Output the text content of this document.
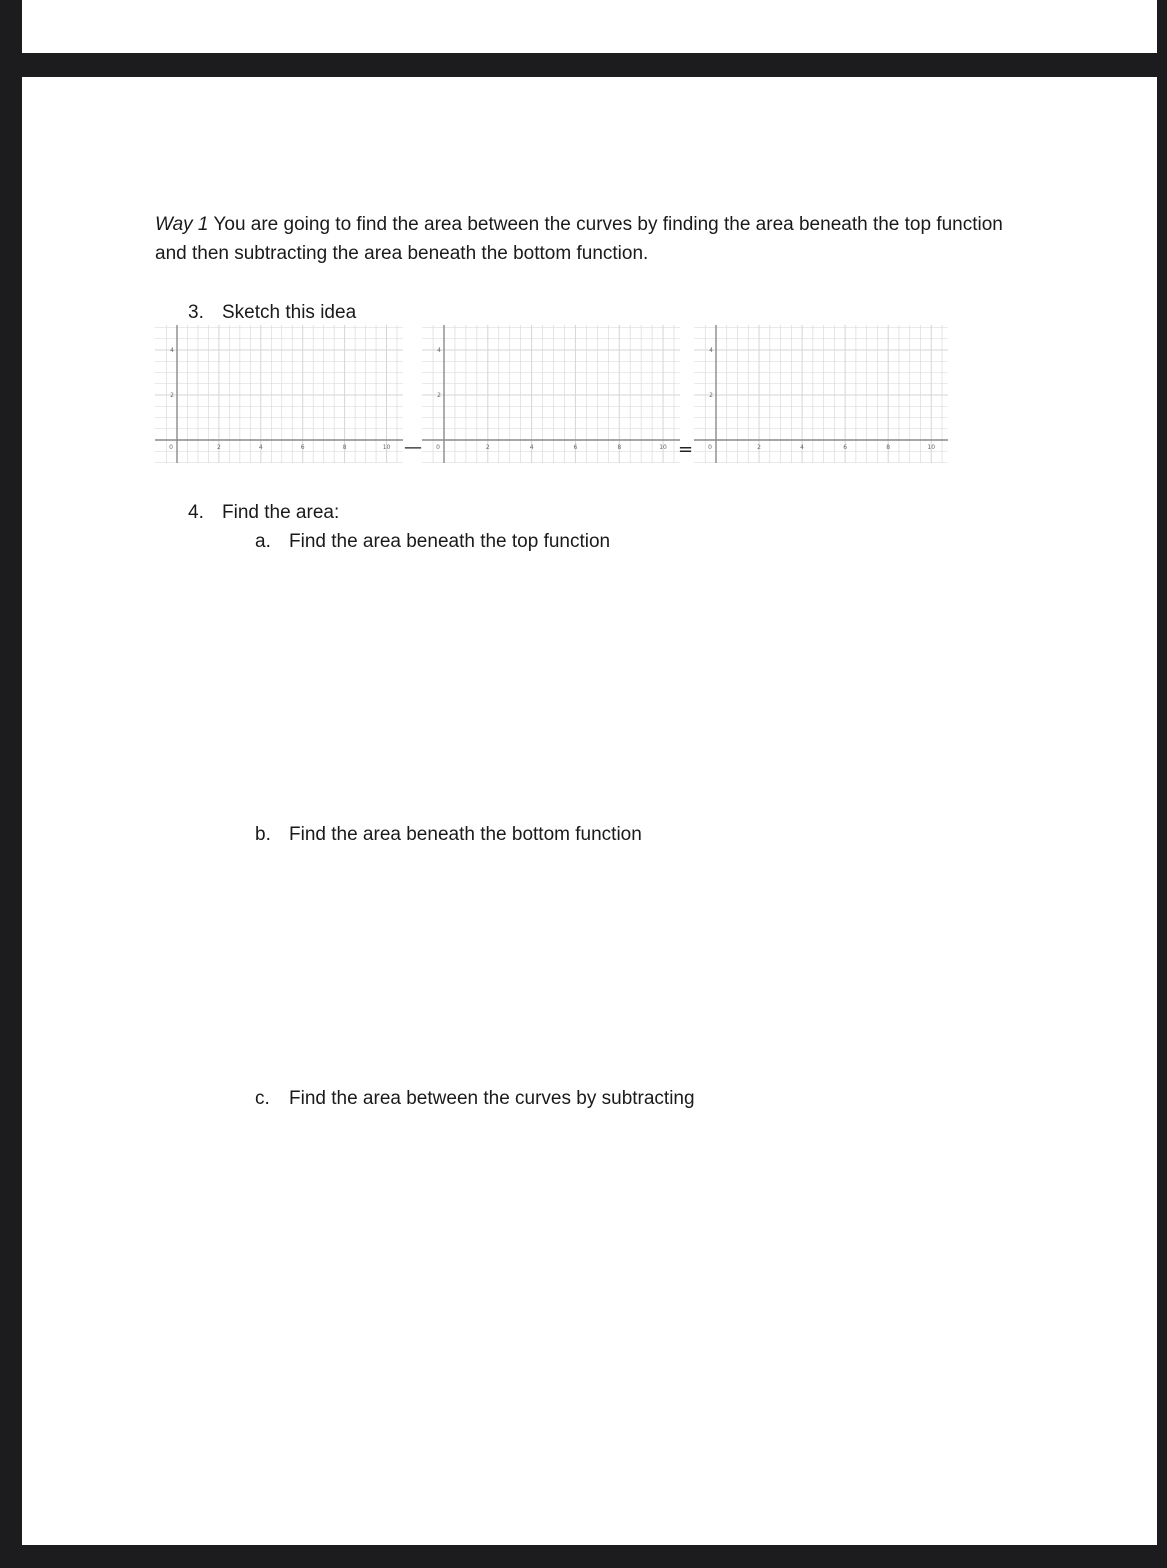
Way 1 You are going to find the area between the curves by finding the area beneath the top function and then subtracting the area beneath the bottom function.
3. Sketch this idea
0	2	4	6	8	10
4
2
— 0	2	4	6	8	10
4
2
=	0	2	4	6	8	10
4
2
4. Find the area:
a. Find the area beneath the top function
b. Find the area beneath the bottom function
c. Find the area between the curves by subtracting
